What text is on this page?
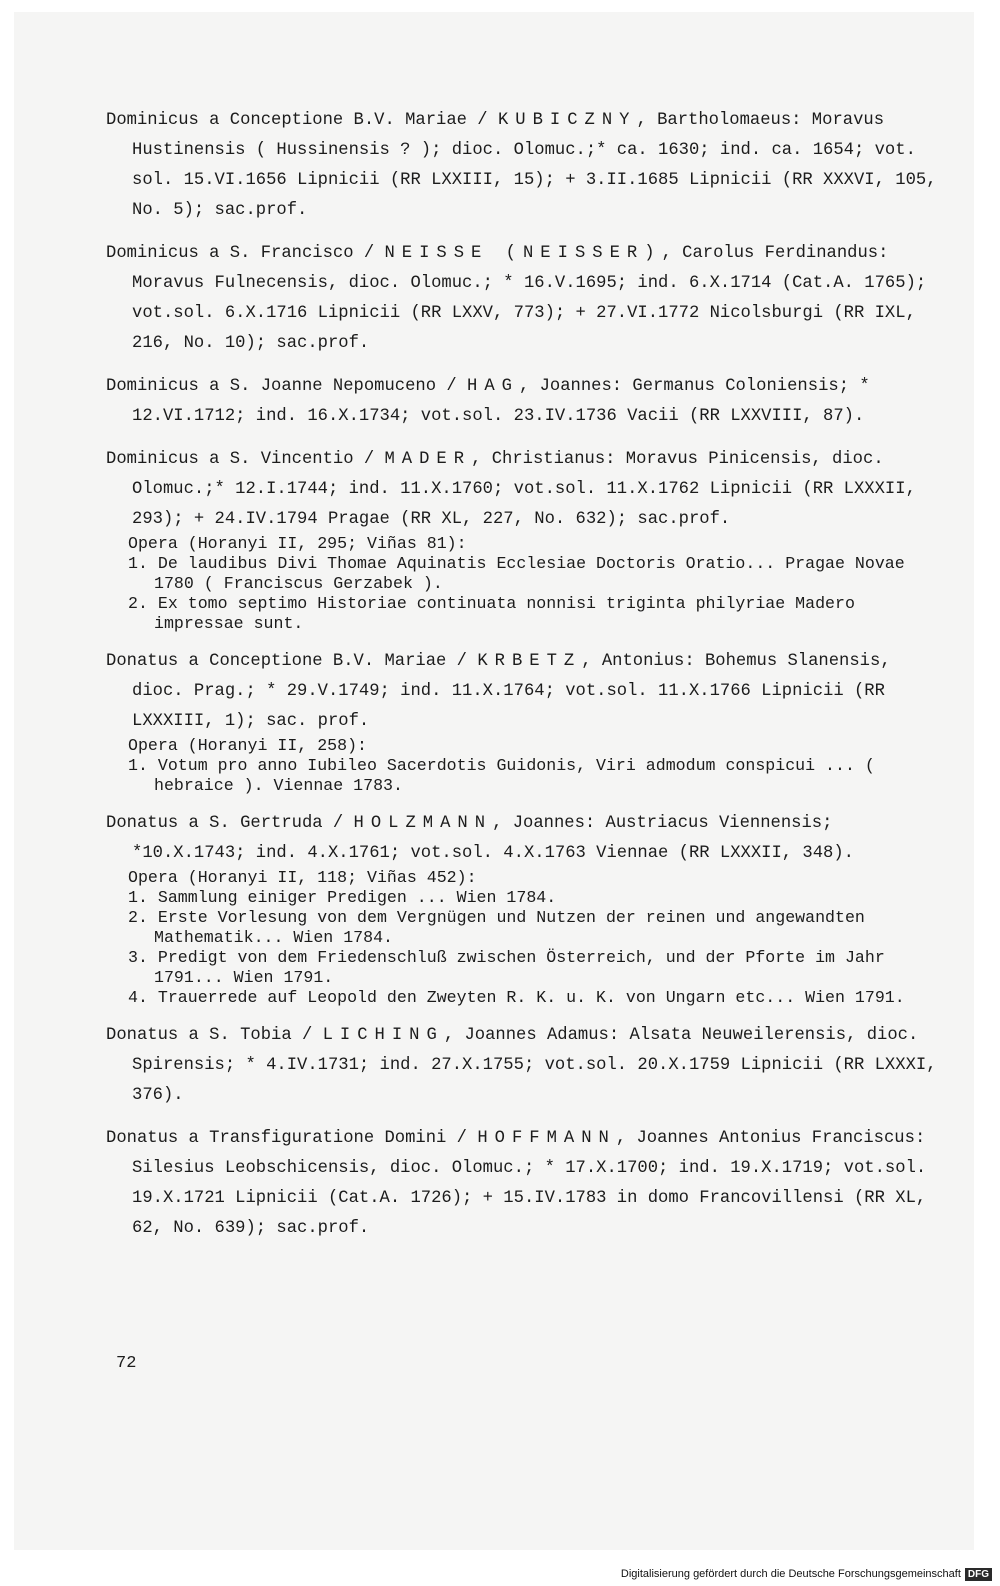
Dominicus a Conceptione B.V. Mariae / KUBICZNY, Bartholomaeus: Moravus Hustinensis ( Hussinensis ? ); dioc. Olomuc.;* ca. 1630; ind. ca. 1654; vot. sol. 15.VI.1656 Lipnicii (RR LXXIII, 15); + 3.II.1685 Lipnicii (RR XXXVI, 105, No. 5); sac.prof.
Dominicus a S. Francisco / NEISSE (NEISSER), Carolus Ferdinandus: Moravus Fulnecensis, dioc. Olomuc.; * 16.V.1695; ind. 6.X.1714 (Cat.A. 1765); vot.sol. 6.X.1716 Lipnicii (RR LXXV, 773); + 27.VI.1772 Nicolsburgi (RR IXL, 216, No. 10); sac.prof.
Dominicus a S. Joanne Nepomuceno / HAG, Joannes: Germanus Coloniensis; * 12.VI.1712; ind. 16.X.1734; vot.sol. 23.IV.1736 Vacii (RR LXXVIII, 87).
Dominicus a S. Vincentio / MADER, Christianus: Moravus Pinicensis, dioc. Olomuc.;* 12.I.1744; ind. 11.X.1760; vot.sol. 11.X.1762 Lipnicii (RR LXXXII, 293); + 24.IV.1794 Pragae (RR XL, 227, No. 632); sac.prof.
Opera (Horanyi II, 295; Viñas 81):
1. De laudibus Divi Thomae Aquinatis Ecclesiae Doctoris Oratio... Pragae Novae 1780 ( Franciscus Gerzabek ).
2. Ex tomo septimo Historiae continuata nonnisi triginta philyriae Madero impressae sunt.
Donatus a Conceptione B.V. Mariae / KRBETZ, Antonius: Bohemus Slanensis, dioc. Prag.; * 29.V.1749; ind. 11.X.1764; vot.sol. 11.X.1766 Lipnicii (RR LXXXIII, 1); sac. prof.
Opera (Horanyi II, 258):
1. Votum pro anno Iubileo Sacerdotis Guidonis, Viri admodum conspicui ... ( hebraice ). Viennae 1783.
Donatus a S. Gertruda / HOLZMANN, Joannes: Austriacus Viennensis; *10.X.1743; ind. 4.X.1761; vot.sol. 4.X.1763 Viennae (RR LXXXII, 348).
Opera (Horanyi II, 118; Viñas 452):
1. Sammlung einiger Predigen ... Wien 1784.
2. Erste Vorlesung von dem Vergnügen und Nutzen der reinen und angewandten Mathematik... Wien 1784.
3. Predigt von dem Friedenschluß zwischen Österreich, und der Pforte im Jahr 1791... Wien 1791.
4. Trauerrede auf Leopold den Zweyten R. K. u. K. von Ungarn etc... Wien 1791.
Donatus a S. Tobia / LICHING, Joannes Adamus: Alsata Neuweilerensis, dioc. Spirensis; * 4.IV.1731; ind. 27.X.1755; vot.sol. 20.X.1759 Lipnicii (RR LXXXI, 376).
Donatus a Transfiguratione Domini / HOFFMANN, Joannes Antonius Franciscus: Silesius Leobschicensis, dioc. Olomuc.; * 17.X.1700; ind. 19.X.1719; vot.sol. 19.X.1721 Lipnicii (Cat.A. 1726); + 15.IV.1783 in domo Francovillensi (RR XL, 62, No. 639); sac.prof.
72
Digitalisierung gefördert durch die Deutsche Forschungsgemeinschaft DFG
